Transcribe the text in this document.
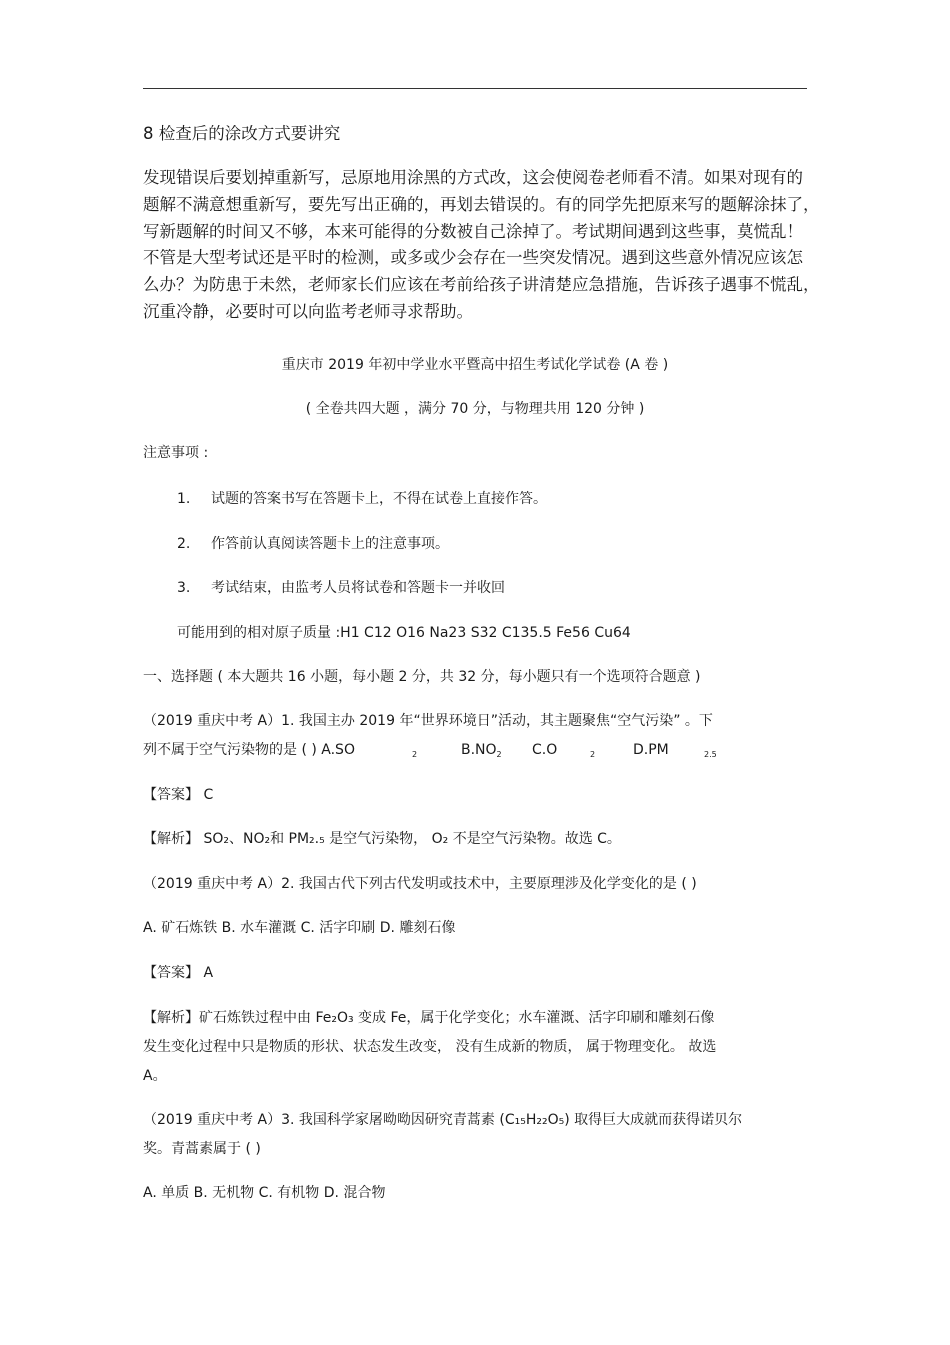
8 检查后的涂改方式要讲究
发现错误后要划掉重新写，忌原地用涂黑的方式改，这会使阅卷老师看不清。如果对现有的
题解不满意想重新写，要先写出正确的，再划去错误的。有的同学先把原来写的题解涂抹了，
写新题解的时间又不够，本来可能得的分数被自己涂掉了。考试期间遇到这些事，莫慌乱！
不管是大型考试还是平时的检测，或多或少会存在一些突发情况。遇到这些意外情况应该怎
么办？为防患于未然，老师家长们应该在考前给孩子讲清楚应急措施，告诉孩子遇事不慌乱，
沉重冷静，必要时可以向监考老师寻求帮助。
重庆市 2019 年初中学业水平暨高中招生考试化学试卷 (A 卷 )
( 全卷共四大题 ，满分 70 分，与物理共用 120 分钟 )
注意事项 :
1. 试题的答案书写在答题卡上，不得在试卷上直接作答。
2. 作答前认真阅读答题卡上的注意事项。
3. 考试结束，由监考人员将试卷和答题卡一并收回
可能用到的相对原子质量 :H1 C12 O16 Na23 S32 C135.5 Fe56 Cu64
一、选择题 ( 本大题共 16 小题，每小题 2 分，共 32 分，每小题只有一个选项符合题意 )
（2019 重庆中考 A）1. 我国主办 2019 年“世界环境日”活动，其主题聚焦“空气污染” 。下
列不属于空气污染物的是 ( ) A.SO	$_2$	$B.NO_2$ C.O	$_2$	D.PM	$_{2.5}$
【答案】 C
【解析】 SO₂、NO₂和 PM₂.₅ 是空气污染物， O₂ 不是空气污染物。故选 C。
（2019 重庆中考 A）2. 我国古代下列古代发明或技术中，主要原理涉及化学变化的是 ( )
A. 矿石炼铁 B. 水车灌溉 C. 活字印刷 D. 雕刻石像
【答案】 A
【解析】矿石炼铁过程中由 Fe₂O₃ 变成 Fe，属于化学变化；水车灌溉、活字印刷和雕刻石像
发生变化过程中只是物质的形状、状态发生改变， 没有生成新的物质， 属于物理变化。 故选
A。
（2019 重庆中考 A）3. 我国科学家屠呦呦因研究青蒿素 (C₁₅H₂₂O₅) 取得巨大成就而获得诺贝尔
奖。青蒿素属于 ( )
A. 单质 B. 无机物 C. 有机物 D. 混合物
